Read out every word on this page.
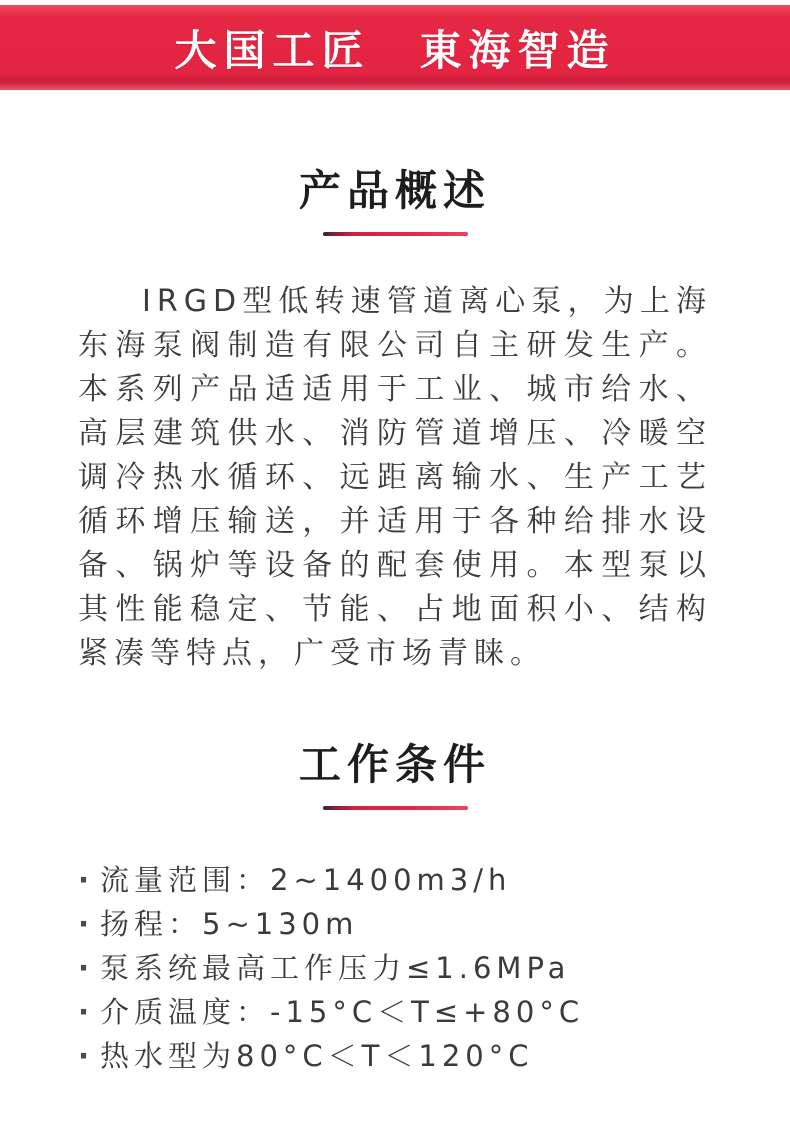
大国工匠　東海智造
产品概述

IRGD型低转速管道离心泵，为上海东海泵阀制造有限公司自主研发生产。本系列产品适适用于工业、城市给水、高层建筑供水、消防管道增压、冷暖空调冷热水循环、远距离输水、生产工艺循环增压输送，并适用于各种给排水设备、锅炉等设备的配套使用。本型泵以其性能稳定、节能、占地面积小、结构紧凑等特点，广受市场青睐。

工作条件
· 流量范围：2~1400m3/h
· 扬程：5~130m
· 泵系统最高工作压力≤1.6MPa
· 介质温度：-15°C＜T≤+80°C
· 热水型为80°C＜T＜120°C
